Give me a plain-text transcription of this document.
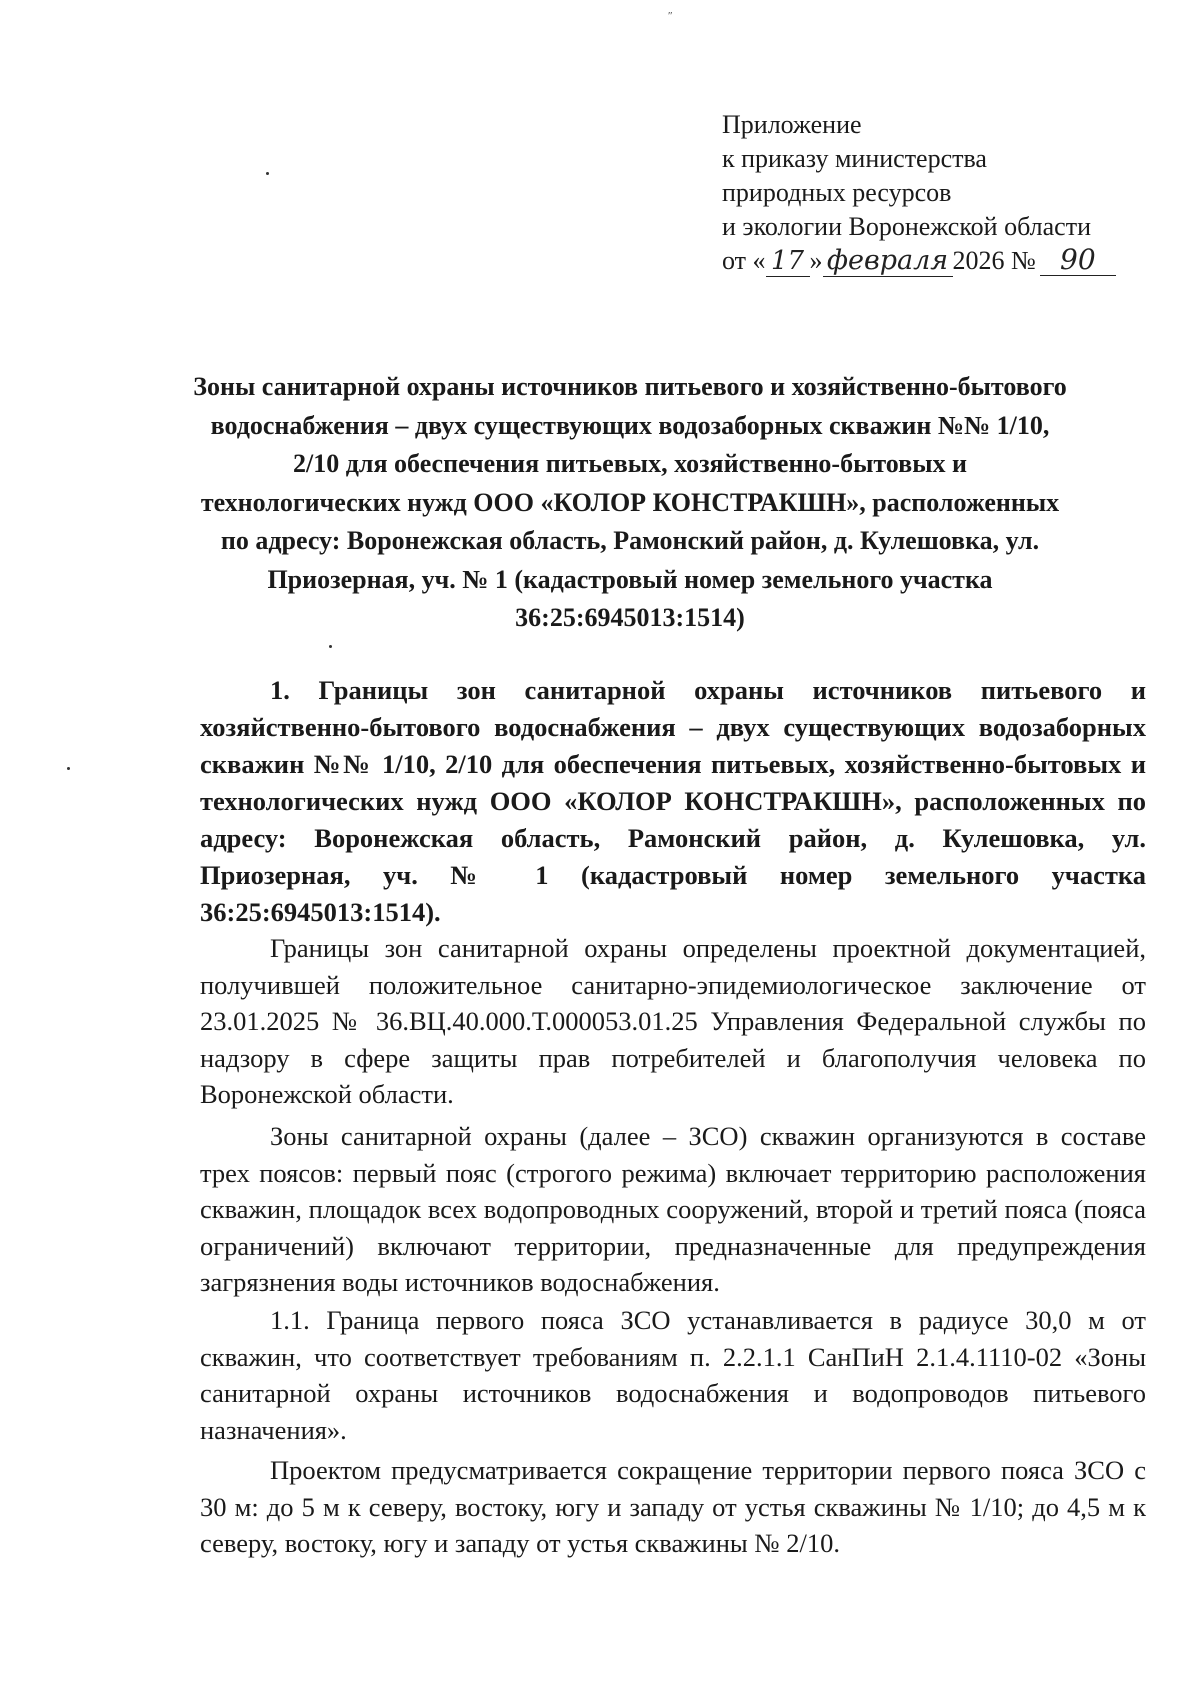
″
Приложение
к приказу министерства
природных ресурсов
и экологии Воронежской области
от « 17 » февраля 2026 № 90
Зоны санитарной охраны источников питьевого и хозяйственно-бытового водоснабжения – двух существующих водозаборных скважин №№ 1/10, 2/10 для обеспечения питьевых, хозяйственно-бытовых и технологических нужд ООО «КОЛОР КОНСТРАКШН», расположенных по адресу: Воронежская область, Рамонский район, д. Кулешовка, ул. Приозерная, уч. № 1 (кадастровый номер земельного участка 36:25:6945013:1514)
1. Границы зон санитарной охраны источников питьевого и хозяйственно-бытового водоснабжения – двух существующих водозаборных скважин №№ 1/10, 2/10 для обеспечения питьевых, хозяйственно-бытовых и технологических нужд ООО «КОЛОР КОНСТРАКШН», расположенных по адресу: Воронежская область, Рамонский район, д. Кулешовка, ул. Приозерная, уч. № 1 (кадастровый номер земельного участка 36:25:6945013:1514).
Границы зон санитарной охраны определены проектной документацией, получившей положительное санитарно-эпидемиологическое заключение от 23.01.2025 № 36.ВЦ.40.000.Т.000053.01.25 Управления Федеральной службы по надзору в сфере защиты прав потребителей и благополучия человека по Воронежской области.
Зоны санитарной охраны (далее – ЗСО) скважин организуются в составе трех поясов: первый пояс (строгого режима) включает территорию расположения скважин, площадок всех водопроводных сооружений, второй и третий пояса (пояса ограничений) включают территории, предназначенные для предупреждения загрязнения воды источников водоснабжения.
1.1. Граница первого пояса ЗСО устанавливается в радиусе 30,0 м от скважин, что соответствует требованиям п. 2.2.1.1 СанПиН 2.1.4.1110-02 «Зоны санитарной охраны источников водоснабжения и водопроводов питьевого назначения».
Проектом предусматривается сокращение территории первого пояса ЗСО с 30 м: до 5 м к северу, востоку, югу и западу от устья скважины № 1/10; до 4,5 м к северу, востоку, югу и западу от устья скважины № 2/10.
